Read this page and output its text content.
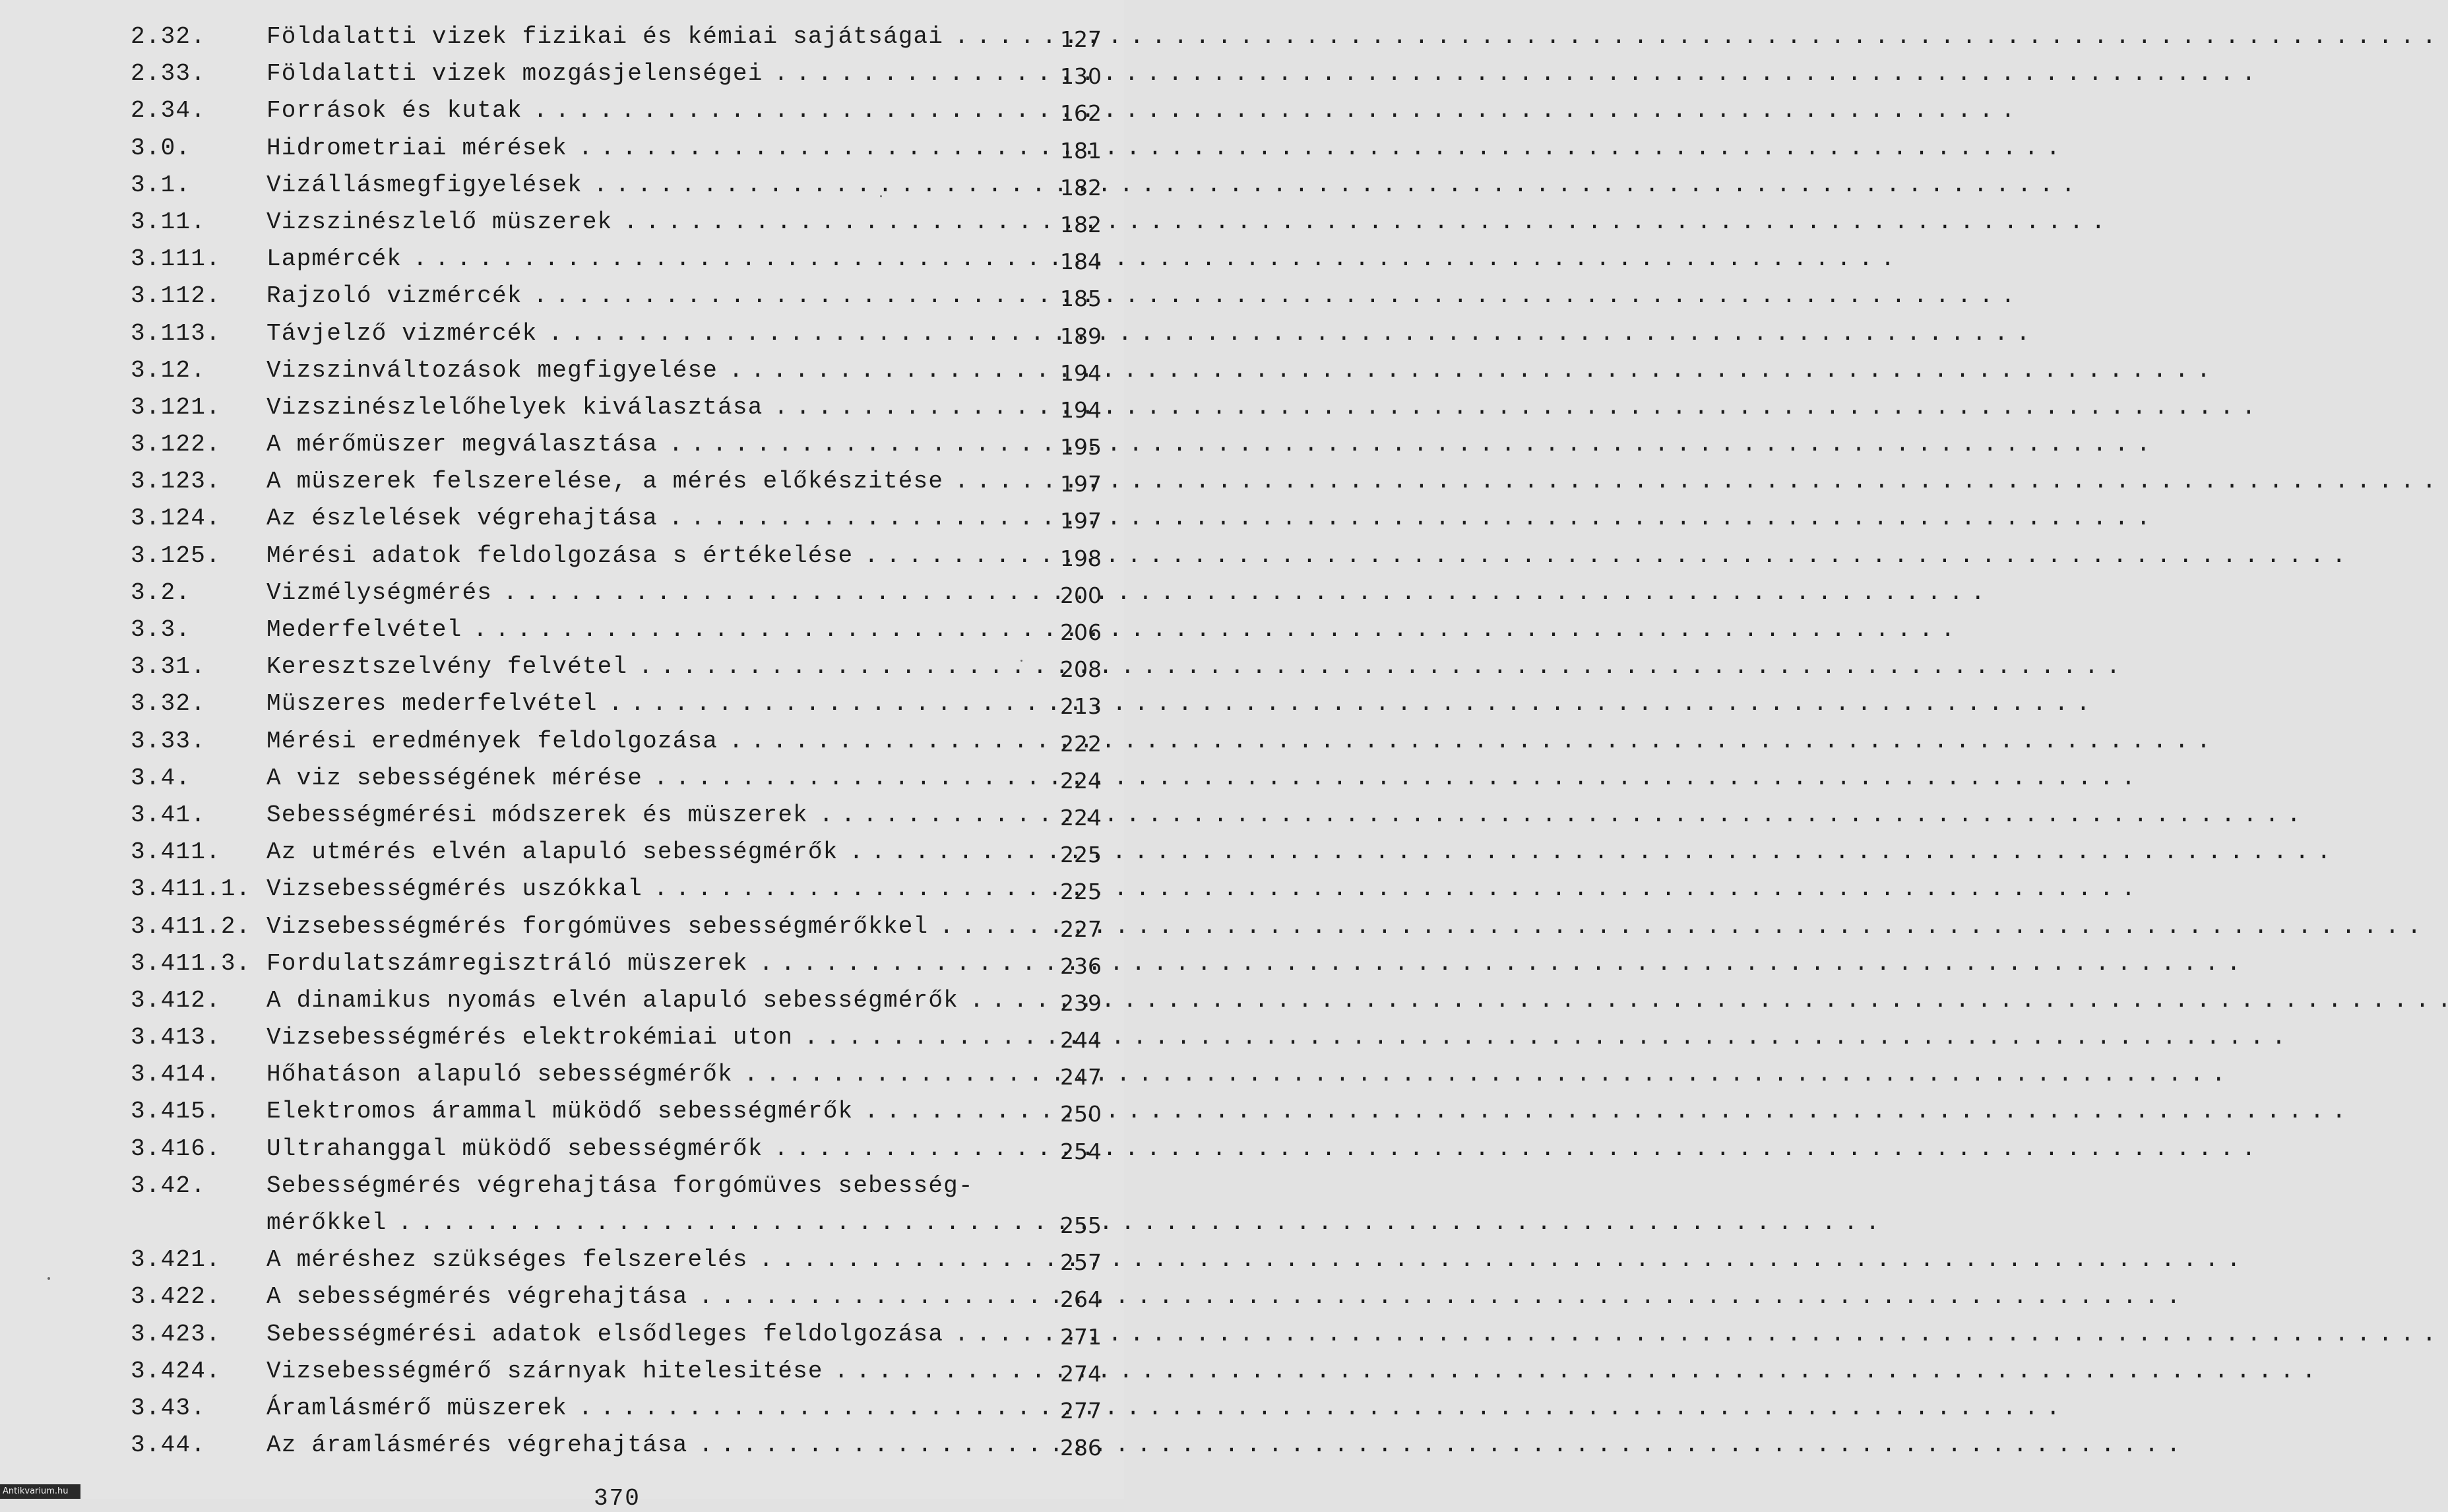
2.32.	Földalatti vizek fizikai és kémiai sajátságai . . .	127
2.33.	Földalatti vizek mozgásjelenségei . . .	130
2.34.	Források és kutak . . .	162
3.0.	Hidrometriai mérések . . .	181
3.1.	Vizállásmegfigyelések . . .	182
3.11.	Vizszinészlelő müszerek . . .	182
3.111. Lapmércék . . .	184
3.112. Rajzoló vizmércék . . .	185
3.113. Távjelző vizmércék . . .	189
3.12.	Vizszinváltozások megfigyelése . . .	194
3.121. Vizszinészlelőhelyek kiválasztása . . .	194
3.122. A mérőmüszer megválasztása . . .	195
3.123. A müszerek felszerelése, a mérés előkészitése . . .	197
3.124. Az észlelések végrehajtása . . .	197
3.125. Mérési adatok feldolgozása s értékelése . . .	198
3.2.	Vizmélységmérés . . .	200
3.3.	Mederfelvétel . . .	206
3.31.	Keresztszelvény felvétel . . .	208
3.32.	Müszeres mederfelvétel . . .	213
3.33.	Mérési eredmények feldolgozása . . .	222
3.4.	A viz sebességének mérése . . .	224
3.41.	Sebességmérési módszerek és müszerek . . .	224
3.411. Az utmérés elvén alapuló sebességmérők . . .	225
3.411.1. Vizsebességmérés uszókkal . . .	225
3.411.2. Vizsebességmérés forgómüves sebességmérőkkel . . .	227
3.411.3. Fordulatszámregisztráló müszerek . . .	236
3.412. A dinamikus nyomás elvén alapuló sebességmérők . . .	239
3.413. Vizsebességmérés elektrokémiai uton . . .	244
3.414. Hőhatáson alapuló sebességmérők . . .	247
3.415. Elektromos árammal müködő sebességmérők . . .	250
3.416. Ultrahanggal müködő sebességmérők . . .	254
3.42.	Sebességmérés végrehajtása forgómüves sebesség-
mérőkkel . . .	255
3.421. A méréshez szükséges felszerelés . . .	257
3.422. A sebességmérés végrehajtása . . .	264
3.423. Sebességmérési adatok elsődleges feldolgozása . . .	271
3.424. Vizsebességmérő szárnyak hitelesitése . . .	274
3.43.	Áramlásmérő müszerek . . .	277
3.44.	Az áramlásmérés végrehajtása . . .	286
370
Antikvarium.hu
